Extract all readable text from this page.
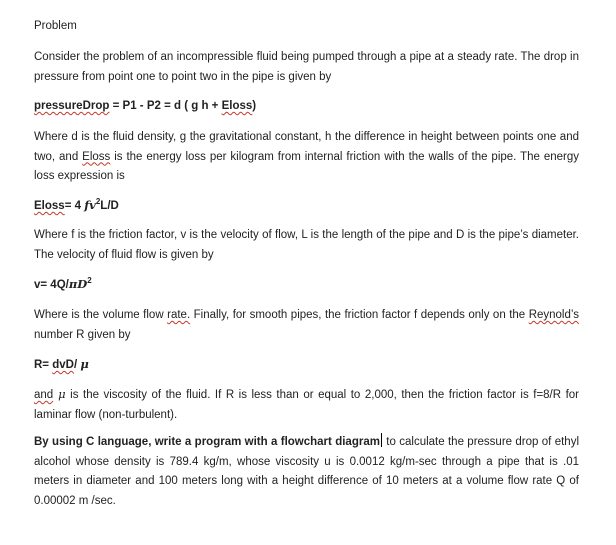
Problem

Consider the problem of an incompressible fluid being pumped through a pipe at a steady rate. The drop in pressure from point one to point two in the pipe is given by

pressureDrop = P1 - P2 = d ( g h + Eloss)

Where d is the fluid density, g the gravitational constant, h the difference in height between points one and two, and Eloss is the energy loss per kilogram from internal friction with the walls of the pipe. The energy loss expression is

Eloss= 4 $fv^2L/D$

Where f is the friction factor, v is the velocity of flow, L is the length of the pipe and D is the pipe’s diameter. The velocity of fluid flow is given by

$v= 4Q/\pi D^2$

Where is the volume flow rate. Finally, for smooth pipes, the friction factor f depends only on the Reynold’s number R given by

R= dvD/ μ

and μ is the viscosity of the fluid. If R is less than or equal to 2,000, then the friction factor is f=8/R for laminar flow (non-turbulent).

By using C language, write a program with a flowchart diagram to calculate the pressure drop of ethyl alcohol whose density is 789.4 kg/m, whose viscosity u is 0.0012 kg/m-sec through a pipe that is .01 meters in diameter and 100 meters long with a height difference of 10 meters at a volume flow rate Q of 0.00002 m /sec.
